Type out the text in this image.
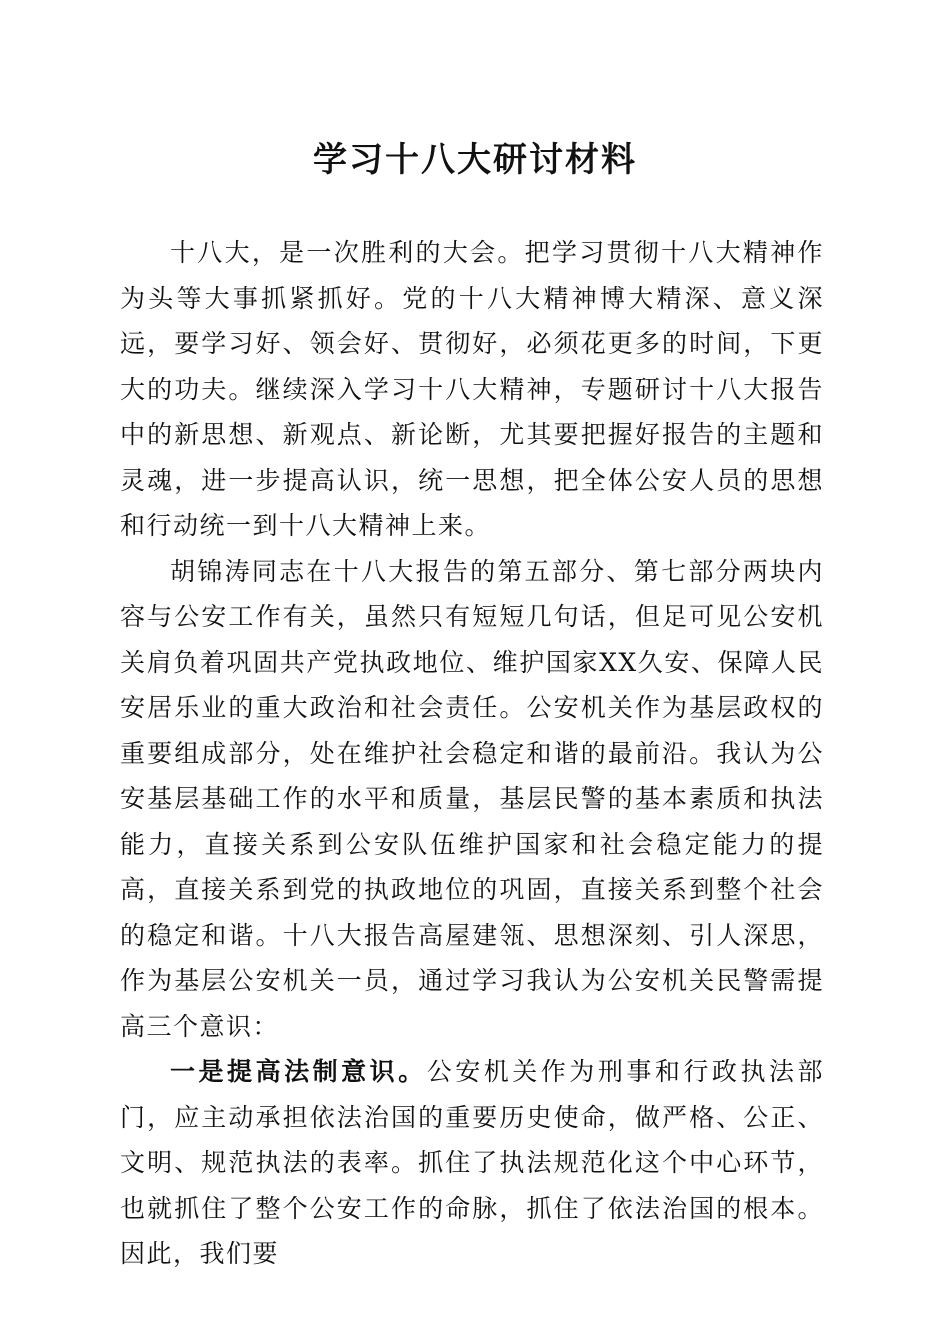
学习十八大研讨材料

十八大，是一次胜利的大会。把学习贯彻十八大精神作为头等大事抓紧抓好。党的十八大精神博大精深、意义深远，要学习好、领会好、贯彻好，必须花更多的时间，下更大的功夫。继续深入学习十八大精神，专题研讨十八大报告中的新思想、新观点、新论断，尤其要把握好报告的主题和灵魂，进一步提高认识，统一思想，把全体公安人员的思想和行动统一到十八大精神上来。

胡锦涛同志在十八大报告的第五部分、第七部分两块内容与公安工作有关，虽然只有短短几句话，但足可见公安机关肩负着巩固共产党执政地位、维护国家XX久安、保障人民安居乐业的重大政治和社会责任。公安机关作为基层政权的重要组成部分，处在维护社会稳定和谐的最前沿。我认为公安基层基础工作的水平和质量，基层民警的基本素质和执法能力，直接关系到公安队伍维护国家和社会稳定能力的提高，直接关系到党的执政地位的巩固，直接关系到整个社会的稳定和谐。十八大报告高屋建瓴、思想深刻、引人深思，作为基层公安机关一员，通过学习我认为公安机关民警需提高三个意识：

一是提高法制意识。公安机关作为刑事和行政执法部门，应主动承担依法治国的重要历史使命，做严格、公正、文明、规范执法的表率。抓住了执法规范化这个中心环节，也就抓住了整个公安工作的命脉，抓住了依法治国的根本。因此，我们要
